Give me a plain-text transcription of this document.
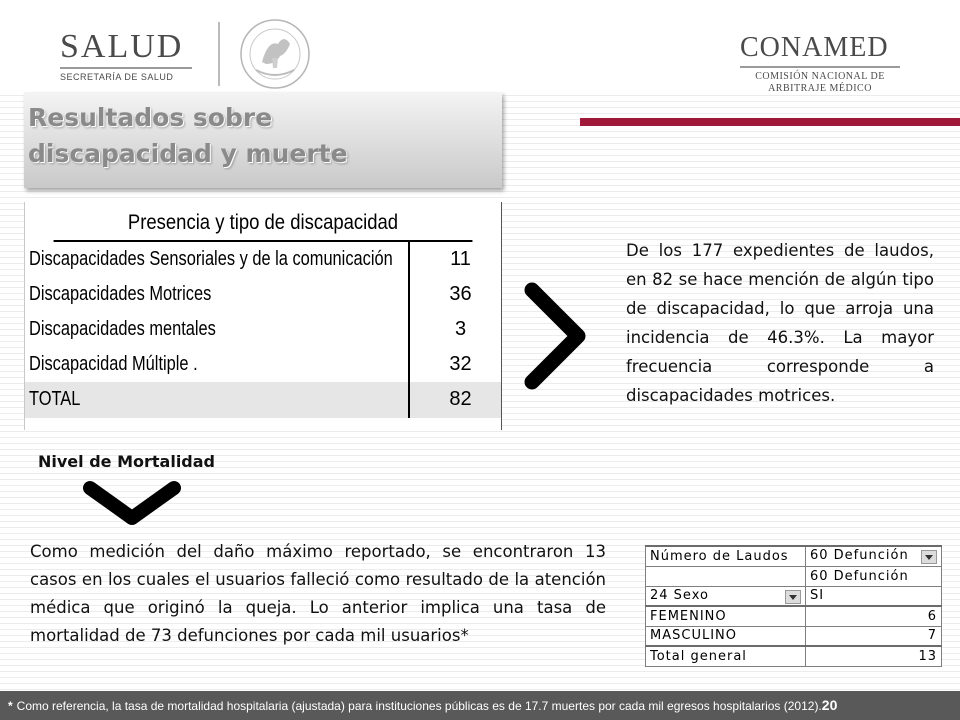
SALUD
SECRETARÍA DE SALUD
CONAMED
COMISIÓN NACIONAL DE
ARBITRAJE MÉDICO
Resultados sobre
discapacidad y muerte
Presencia y tipo de discapacidad
Discapacidades Sensoriales y de la comunicación	11
Discapacidades Motrices	36
Discapacidades mentales	3
Discapacidad Múltiple .	32
TOTAL	82
De los 177 expedientes de laudos, en 82 se hace mención de algún tipo de discapacidad, lo que arroja una incidencia de 46.3%. La mayor frecuencia corresponde a discapacidades motrices.
Nivel de Mortalidad
Como medición del daño máximo reportado, se encontraron 13 casos en los cuales el usuarios falleció como resultado de la atención médica que originó la queja. Lo anterior implica una tasa de mortalidad de 73 defunciones por cada mil usuarios*
Número de Laudos	60 Defunción

	60 Defunción
24 Sexo	SI
FEMENINO	6
MASCULINO	7
Total general	13
* Como referencia, la tasa de mortalidad hospitalaria (ajustada) para instituciones públicas es de 17.7 muertes por cada mil egresos hospitalarios (2012).20
